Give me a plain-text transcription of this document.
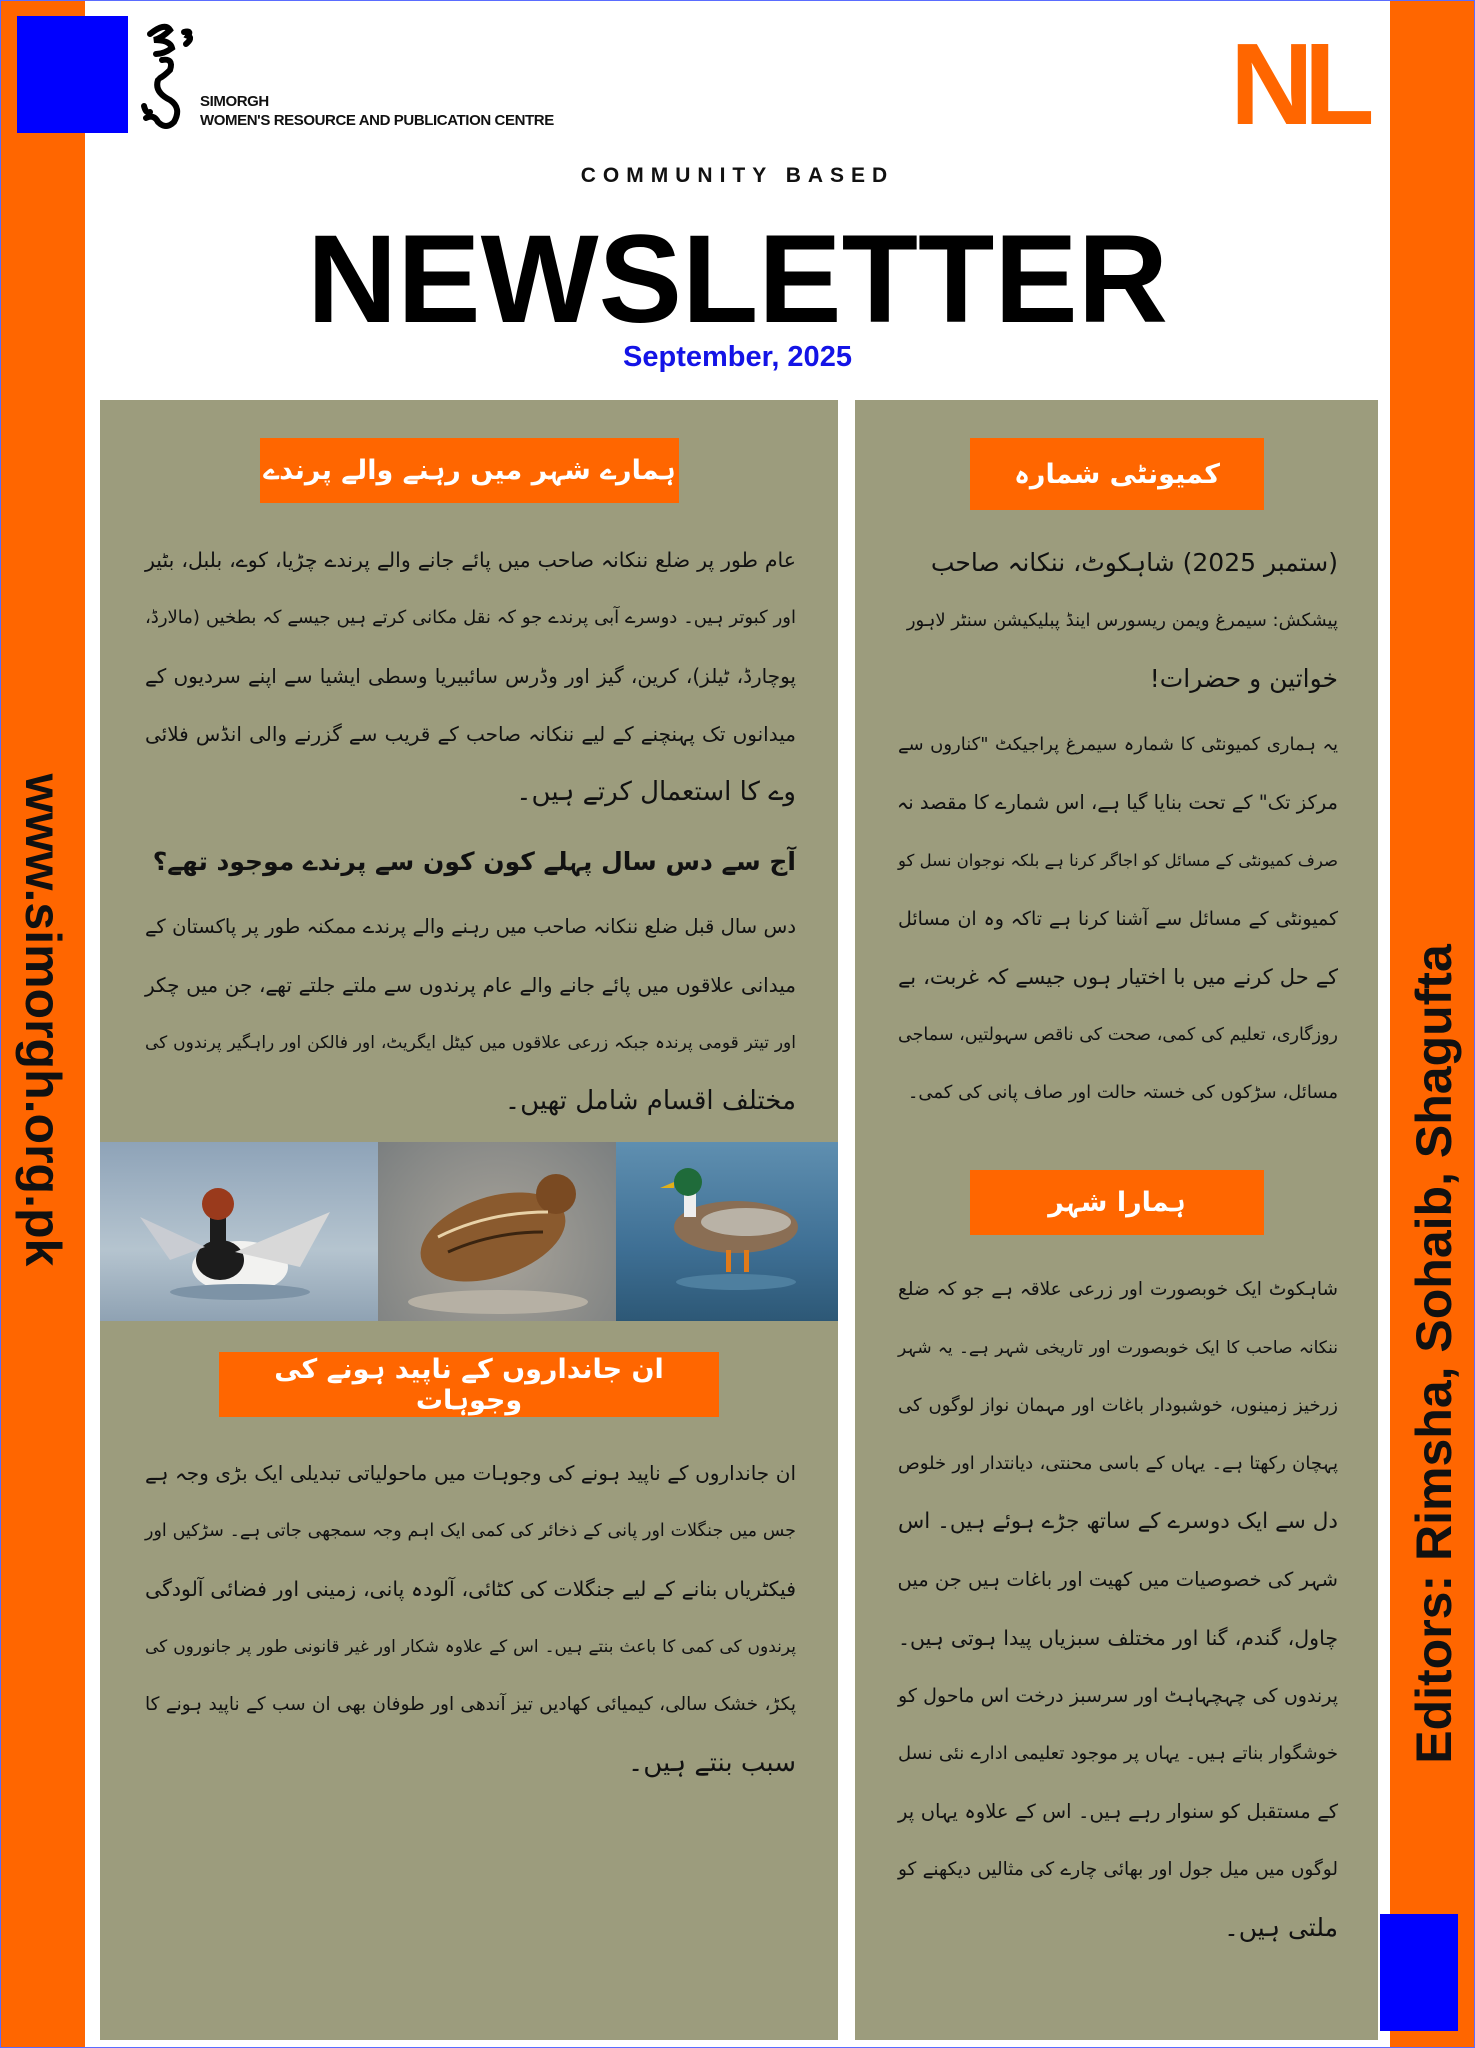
SIMORGH
WOMEN'S RESOURCE AND PUBLICATION CENTRE	NL
COMMUNITY BASED
NEWSLETTER
September, 2025
www.simorgh.org.pk	Editors: Rimsha, Sohaib, Shagufta
ہمارے شہر میں رہنے والے پرندے
عام طور پر ضلع ننکانہ صاحب میں پائے جانے والے پرندے چڑیا، کوے، بلبل، بٹیر
اور کبوتر ہیں۔ دوسرے آبی پرندے جو کہ نقل مکانی کرتے ہیں جیسے کہ بطخیں (مالارڈ،
پوچارڈ، ٹیلز)، کرین، گیز اور وڈرس سائبیریا وسطی ایشیا سے اپنے سردیوں کے
میدانوں تک پہنچنے کے لیے ننکانہ صاحب کے قریب سے گزرنے والی انڈس فلائی
وے کا استعمال کرتے ہیں۔
آج سے دس سال پہلے کون کون سے پرندے موجود تھے؟
دس سال قبل ضلع ننکانہ صاحب میں رہنے والے پرندے ممکنہ طور پر پاکستان کے
میدانی علاقوں میں پائے جانے والے عام پرندوں سے ملتے جلتے تھے، جن میں چکر
اور تیتر قومی پرندہ جبکہ زرعی علاقوں میں کیٹل ایگریٹ، اور فالکن اور راہگیر پرندوں کی
مختلف اقسام شامل تھیں۔
ان جانداروں کے ناپید ہونے کی وجوہات
ان جانداروں کے ناپید ہونے کی وجوہات میں ماحولیاتی تبدیلی ایک بڑی وجہ ہے
جس میں جنگلات اور پانی کے ذخائر کی کمی ایک اہم وجہ سمجھی جاتی ہے۔ سڑکیں اور
فیکٹریاں بنانے کے لیے جنگلات کی کٹائی، آلودہ پانی، زمینی اور فضائی آلودگی
پرندوں کی کمی کا باعث بنتے ہیں۔ اس کے علاوہ شکار اور غیر قانونی طور پر جانوروں کی
پکڑ، خشک سالی، کیمیائی کھادیں تیز آندھی اور طوفان بھی ان سب کے ناپید ہونے کا
سبب بنتے ہیں۔
کمیونٹی شمارہ
(ستمبر 2025) شاہکوٹ، ننکانہ صاحب
پیشکش: سیمرغ ویمن ریسورس اینڈ پبلیکیشن سنٹر لاہور
خواتین و حضرات!
یہ ہماری کمیونٹی کا شمارہ سیمرغ پراجیکٹ "کناروں سے
مرکز تک" کے تحت بنایا گیا ہے، اس شمارے کا مقصد نہ
صرف کمیونٹی کے مسائل کو اجاگر کرنا ہے بلکہ نوجوان نسل کو
کمیونٹی کے مسائل سے آشنا کرنا ہے تاکہ وہ ان مسائل
کے حل کرنے میں با اختیار ہوں جیسے کہ غربت، بے
روزگاری، تعلیم کی کمی، صحت کی ناقص سہولتیں، سماجی
مسائل، سڑکوں کی خستہ حالت اور صاف پانی کی کمی۔
ہمارا شہر
شاہکوٹ ایک خوبصورت اور زرعی علاقہ ہے جو کہ ضلع
ننکانہ صاحب کا ایک خوبصورت اور تاریخی شہر ہے۔ یہ شہر
زرخیز زمینوں، خوشبودار باغات اور مہمان نواز لوگوں کی
پہچان رکھتا ہے۔ یہاں کے باسی محنتی، دیانتدار اور خلوص
دل سے ایک دوسرے کے ساتھ جڑے ہوئے ہیں۔ اس
شہر کی خصوصیات میں کھیت اور باغات ہیں جن میں
چاول، گندم، گنا اور مختلف سبزیاں پیدا ہوتی ہیں۔
پرندوں کی چہچہاہٹ اور سرسبز درخت اس ماحول کو
خوشگوار بناتے ہیں۔ یہاں پر موجود تعلیمی ادارے نئی نسل
کے مستقبل کو سنوار رہے ہیں۔ اس کے علاوہ یہاں پر
لوگوں میں میل جول اور بھائی چارے کی مثالیں دیکھنے کو
ملتی ہیں۔
